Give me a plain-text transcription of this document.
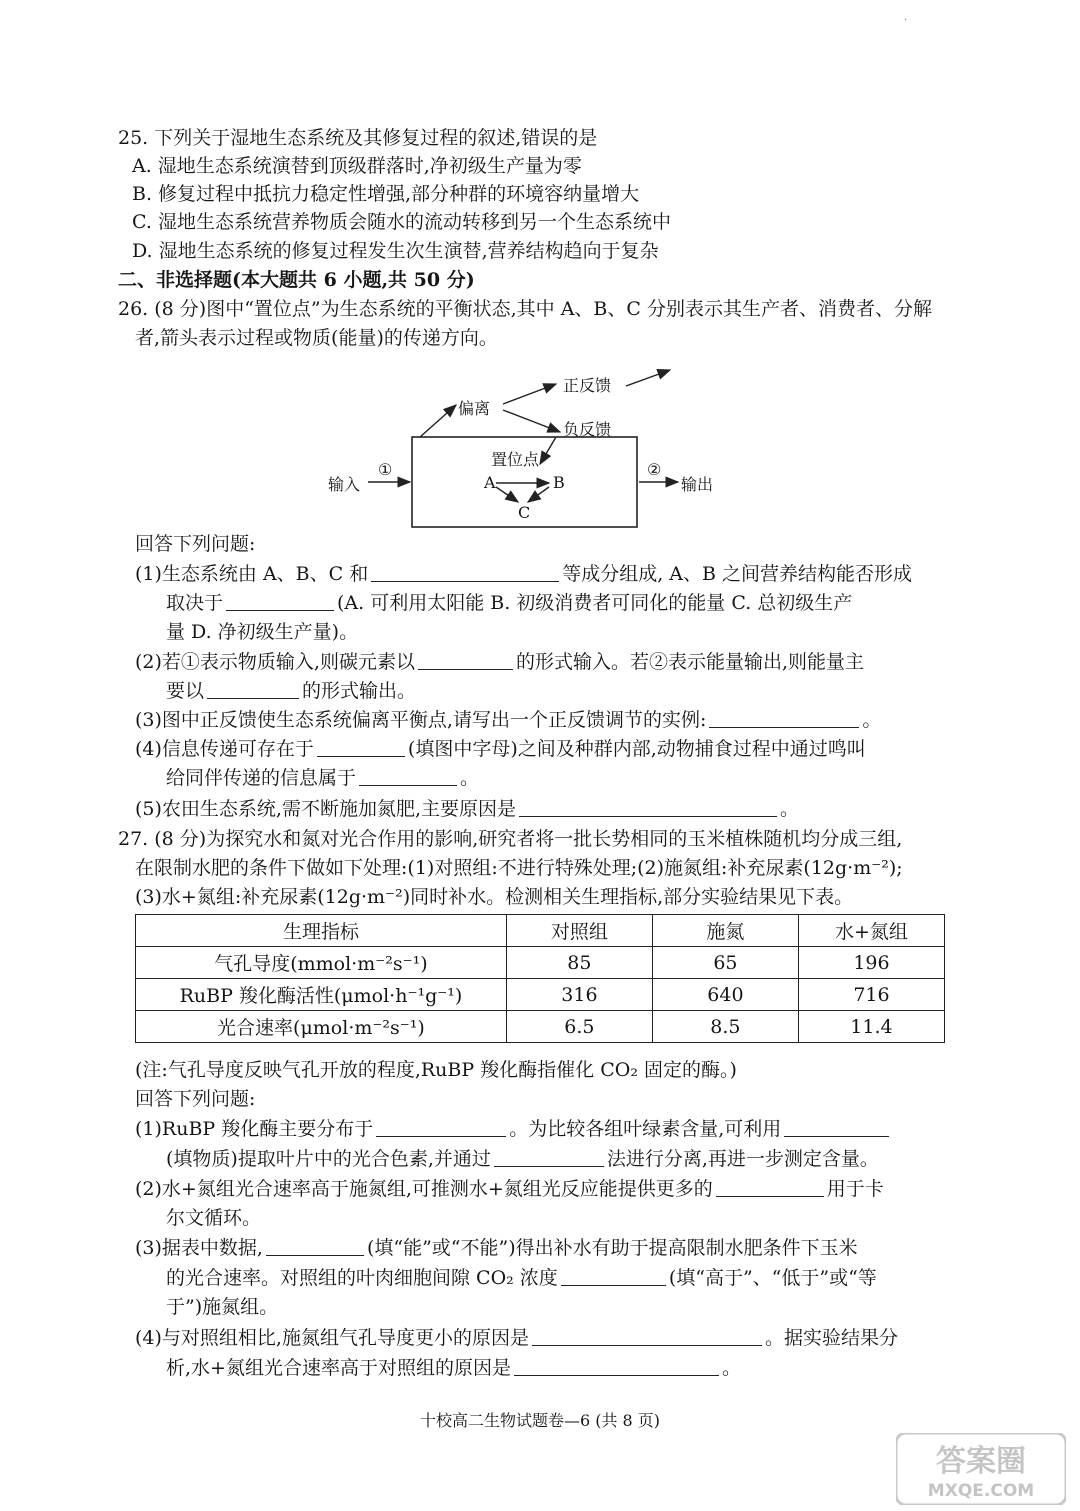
·
25. 下列关于湿地生态系统及其修复过程的叙述,错误的是
A. 湿地生态系统演替到顶级群落时,净初级生产量为零
B. 修复过程中抵抗力稳定性增强,部分种群的环境容纳量增大
C. 湿地生态系统营养物质会随水的流动转移到另一个生态系统中
D. 湿地生态系统的修复过程发生次生演替,营养结构趋向于复杂
二、非选择题(本大题共 6 小题,共 50 分)
26. (8 分)图中“置位点”为生态系统的平衡状态,其中 A、B、C 分别表示其生产者、消费者、分解
者,箭头表示过程或物质(能量)的传递方向。
偏离
正反馈
负反馈
置位点
输入
①	②
输出
A	B
C
回答下列问题:
(1)生态系统由 A、B、C 和	等成分组成, A、B 之间营养结构能否形成
取决于	(A. 可利用太阳能 B. 初级消费者可同化的能量 C. 总初级生产
量 D. 净初级生产量)。
(2)若①表示物质输入,则碳元素以	的形式输入。若②表示能量输出,则能量主
要以	的形式输出。
(3)图中正反馈使生态系统偏离平衡点,请写出一个正反馈调节的实例:	。
(4)信息传递可存在于	(填图中字母)之间及种群内部,动物捕食过程中通过鸣叫
给同伴传递的信息属于	。
(5)农田生态系统,需不断施加氮肥,主要原因是	。
27. (8 分)为探究水和氮对光合作用的影响,研究者将一批长势相同的玉米植株随机均分成三组,
在限制水肥的条件下做如下处理:(1)对照组:不进行特殊处理;(2)施氮组:补充尿素(12g·m⁻²);
(3)水+氮组:补充尿素(12g·m⁻²)同时补水。检测相关生理指标,部分实验结果见下表。
生理指标	对照组	施氮	水+氮组
气孔导度(mmol·m⁻²s⁻¹)	85	65	196
RuBP 羧化酶活性(μmol·h⁻¹g⁻¹)	316	640	716
光合速率(μmol·m⁻²s⁻¹)	6.5	8.5	11.4
(注:气孔导度反映气孔开放的程度,RuBP 羧化酶指催化 CO₂ 固定的酶。)
回答下列问题:
(1)RuBP 羧化酶主要分布于	。为比较各组叶绿素含量,可利用
(填物质)提取叶片中的光合色素,并通过	法进行分离,再进一步测定含量。
(2)水+氮组光合速率高于施氮组,可推测水+氮组光反应能提供更多的	用于卡
尔文循环。
(3)据表中数据,	(填“能”或“不能”)得出补水有助于提高限制水肥条件下玉米
的光合速率。对照组的叶肉细胞间隙 CO₂ 浓度	(填“高于”、“低于”或“等
于”)施氮组。
(4)与对照组相比,施氮组气孔导度更小的原因是	。据实验结果分
析,水+氮组光合速率高于对照组的原因是	。
十校高二生物试题卷—6 (共 8 页)
答案圈
MXQE.COM
